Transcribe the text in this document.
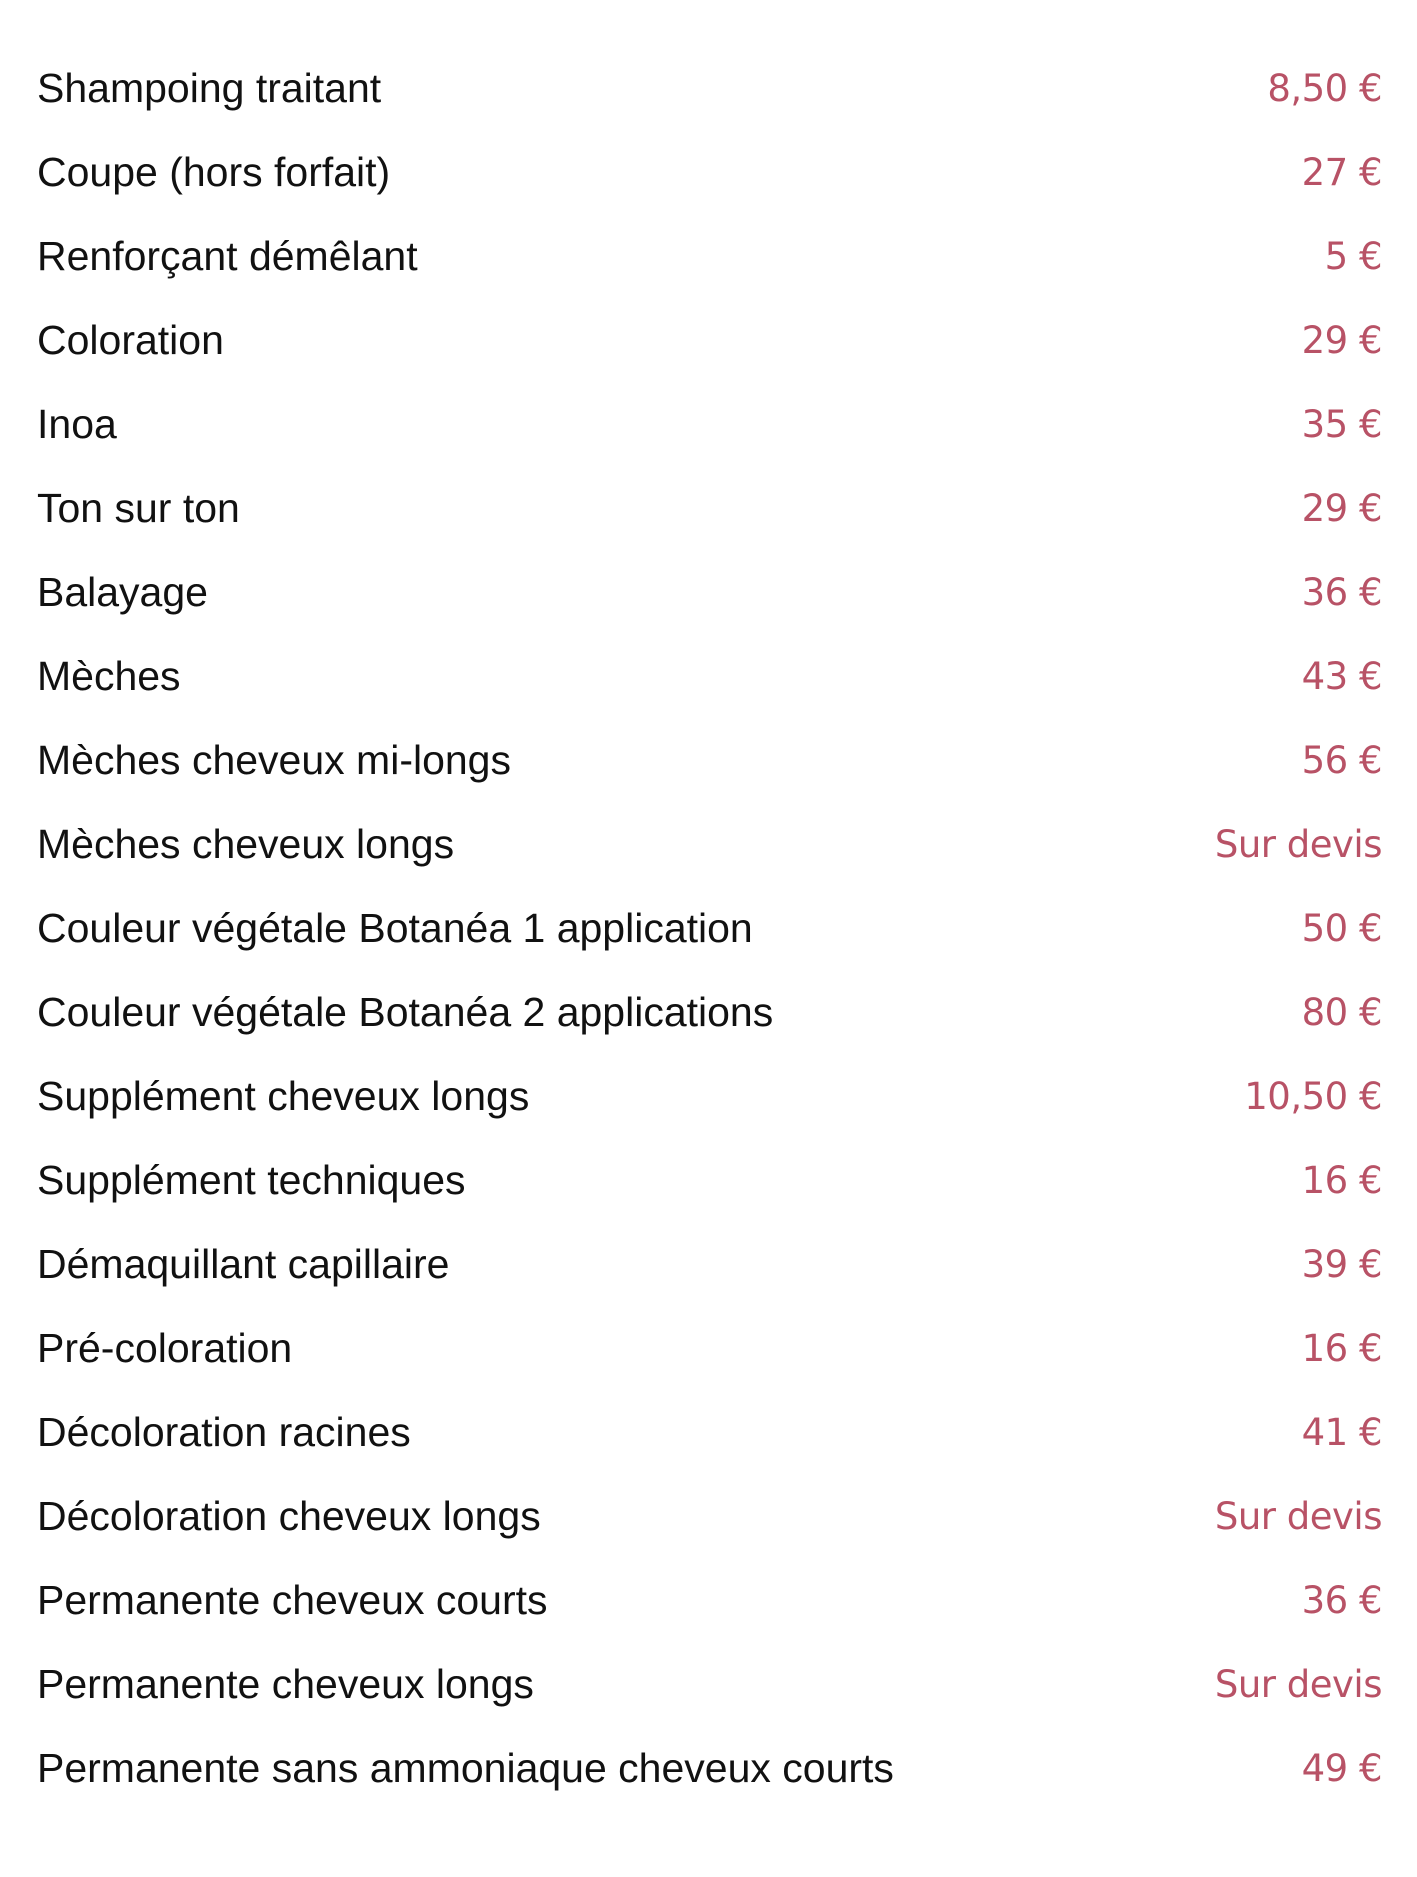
Shampoing traitant	8,50 €
Coupe (hors forfait)	27 €
Renforçant démêlant	5 €
Coloration	29 €
Inoa	35 €
Ton sur ton	29 €
Balayage	36 €
Mèches	43 €
Mèches cheveux mi-longs	56 €
Mèches cheveux longs	Sur devis
Couleur végétale Botanéa 1 application	50 €
Couleur végétale Botanéa 2 applications	80 €
Supplément cheveux longs	10,50 €
Supplément techniques	16 €
Démaquillant capillaire	39 €
Pré-coloration	16 €
Décoloration racines	41 €
Décoloration cheveux longs	Sur devis
Permanente cheveux courts	36 €
Permanente cheveux longs	Sur devis
Permanente sans ammoniaque cheveux courts	49 €
